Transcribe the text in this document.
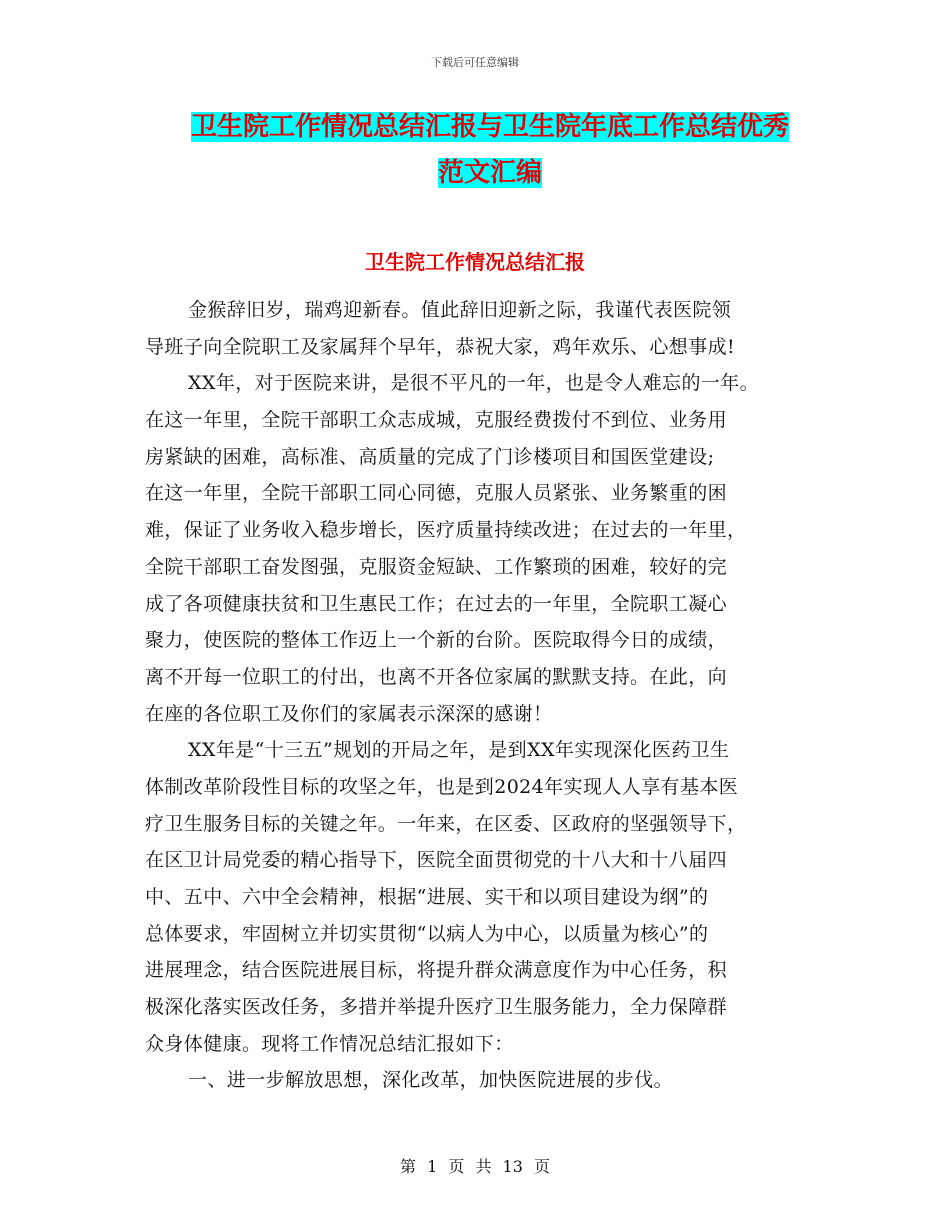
下载后可任意编辑
卫生院工作情况总结汇报与卫生院年底工作总结优秀
范文汇编
卫生院工作情况总结汇报
金猴辞旧岁，瑞鸡迎新春。值此辞旧迎新之际，我谨代表医院领
导班子向全院职工及家属拜个早年，恭祝大家，鸡年欢乐、心想事成!
XX年，对于医院来讲，是很不平凡的一年，也是令人难忘的一年。
在这一年里，全院干部职工众志成城，克服经费拨付不到位、业务用
房紧缺的困难，高标准、高质量的完成了门诊楼项目和国医堂建设;
在这一年里，全院干部职工同心同德，克服人员紧张、业务繁重的困
难，保证了业务收入稳步增长，医疗质量持续改进；在过去的一年里，
全院干部职工奋发图强，克服资金短缺、工作繁琐的困难，较好的完
成了各项健康扶贫和卫生惠民工作；在过去的一年里，全院职工凝心
聚力，使医院的整体工作迈上一个新的台阶。医院取得今日的成绩，
离不开每一位职工的付出，也离不开各位家属的默默支持。在此，向
在座的各位职工及你们的家属表示深深的感谢！
XX年是“十三五”规划的开局之年，是到XX年实现深化医药卫生
体制改革阶段性目标的攻坚之年，也是到2024年实现人人享有基本医
疗卫生服务目标的关键之年。一年来，在区委、区政府的坚强领导下，
在区卫计局党委的精心指导下，医院全面贯彻党的十八大和十八届四
中、五中、六中全会精神，根据“进展、实干和以项目建设为纲”的
总体要求，牢固树立并切实贯彻“以病人为中心，以质量为核心”的
进展理念，结合医院进展目标，将提升群众满意度作为中心任务，积
极深化落实医改任务，多措并举提升医疗卫生服务能力，全力保障群
众身体健康。现将工作情况总结汇报如下：
一、进一步解放思想，深化改革，加快医院进展的步伐。
第 1 页 共 13 页
